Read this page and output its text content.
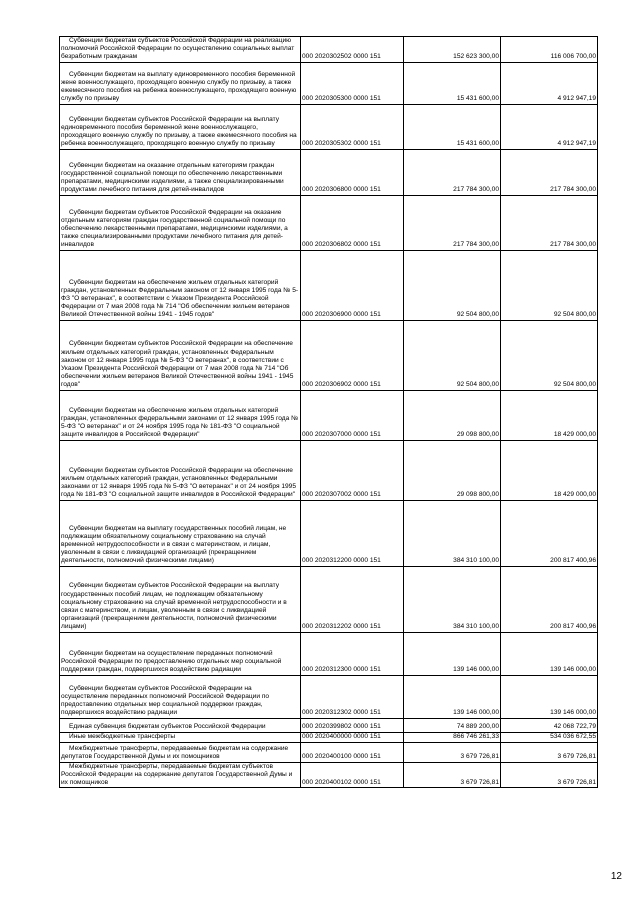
Субвенции бюджетам субъектов Российской Федерации на реализацию полномочий Российской Федерации по осуществлению социальных выплат безработным гражданам	000 2020302502 0000 151	152 623 300,00	116 006 700,00

Субвенции бюджетам на выплату единовременного пособия беременной жене военнослужащего, проходящего военную службу по призыву, а также ежемесячного пособия на ребенка военнослужащего, проходящего военную службу по призыву	000 2020305300 0000 151	15 431 600,00	4 912 947,19

Субвенции бюджетам субъектов Российской Федерации на выплату единовременного пособия беременной жене военнослужащего, проходящего военную службу по призыву, а также ежемесячного пособия на ребенка военнослужащего, проходящего военную службу по призыву	000 2020305302 0000 151	15 431 600,00	4 912 947,19

Субвенции бюджетам на оказание отдельным категориям граждан государственной социальной помощи по обеспечению лекарственными препаратами, медицинскими изделиями, а также специализированными продуктами лечебного питания для детей-инвалидов	000 2020306800 0000 151	217 784 300,00	217 784 300,00

Субвенции бюджетам субъектов Российской Федерации на оказание отдельным категориям граждан государственной социальной помощи по обеспечению лекарственными препаратами, медицинскими изделиями, а также специализированными продуктами лечебного питания для детей-инвалидов	000 2020306802 0000 151	217 784 300,00	217 784 300,00

Субвенции бюджетам на обеспечение жильем отдельных категорий граждан, установленных Федеральным законом от 12 января 1995 года № 5-ФЗ "О ветеранах", в соответствии с Указом Президента Российской Федерации от 7 мая 2008 года № 714 "Об обеспечении жильем ветеранов Великой Отечественной войны 1941 - 1945 годов"	000 2020306900 0000 151	92 504 800,00	92 504 800,00

Субвенции бюджетам субъектов Российской Федерации на обеспечение жильем отдельных категорий граждан, установленных Федеральным законом от 12 января 1995 года № 5-ФЗ "О ветеранах", в соответствии с Указом Президента Российской Федерации от 7 мая 2008 года № 714 "Об обеспечении жильем ветеранов Великой Отечественной войны 1941 - 1945 годов"	000 2020306902 0000 151	92 504 800,00	92 504 800,00

Субвенции бюджетам на обеспечение жильем отдельных категорий граждан, установленных федеральными законами от 12 января 1995 года № 5-ФЗ "О ветеранах" и от 24 ноября 1995 года № 181-ФЗ "О социальной защите инвалидов в Российской Федерации"	000 2020307000 0000 151	29 098 800,00	18 429 000,00

Субвенции бюджетам субъектов Российской Федерации на обеспечение жильем отдельных категорий граждан, установленных Федеральными законами от 12 января 1995 года № 5-ФЗ "О ветеранах" и от 24 ноября 1995 года № 181-ФЗ "О социальной защите инвалидов в Российской Федерации"	000 2020307002 0000 151	29 098 800,00	18 429 000,00

Субвенции бюджетам на выплату государственных пособий лицам, не подлежащим обязательному социальному страхованию на случай временной нетрудоспособности и в связи с материнством, и лицам, уволенным в связи с ликвидацией организаций (прекращением деятельности, полномочий физическими лицами)	000 2020312200 0000 151	384 310 100,00	200 817 400,96

Субвенции бюджетам субъектов Российской Федерации на выплату государственных пособий лицам, не подлежащим обязательному социальному страхованию на случай временной нетрудоспособности и в связи с материнством, и лицам, уволенным в связи с ликвидацией организаций (прекращением деятельности, полномочий физическими лицами)	000 2020312202 0000 151	384 310 100,00	200 817 400,96

Субвенции бюджетам на осуществление переданных полномочий Российской Федерации по предоставлению отдельных мер социальной поддержки граждан, подвергшихся воздействию радиации	000 2020312300 0000 151	139 146 000,00	139 146 000,00

Субвенции бюджетам субъектов Российской Федерации на осуществление переданных полномочий Российской Федерации по предоставлению отдельных мер социальной поддержки граждан, подвергшихся воздействию радиации	000 2020312302 0000 151	139 146 000,00	139 146 000,00

Единая субвенция бюджетам субъектов Российской Федерации	000 2020399802 0000 151	74 889 200,00	42 068 722,79

Иные межбюджетные трансферты	000 2020400000 0000 151	866 746 261,33	534 036 672,55

Межбюджетные трансферты, передаваемые бюджетам на содержание депутатов Государственной Думы и их помощников	000 2020400100 0000 151	3 679 726,81	3 679 726,81

Межбюджетные трансферты, передаваемые бюджетам субъектов Российской Федерации на содержание депутатов Государственной Думы и их помощников	000 2020400102 0000 151	3 679 726,81	3 679 726,81
12
